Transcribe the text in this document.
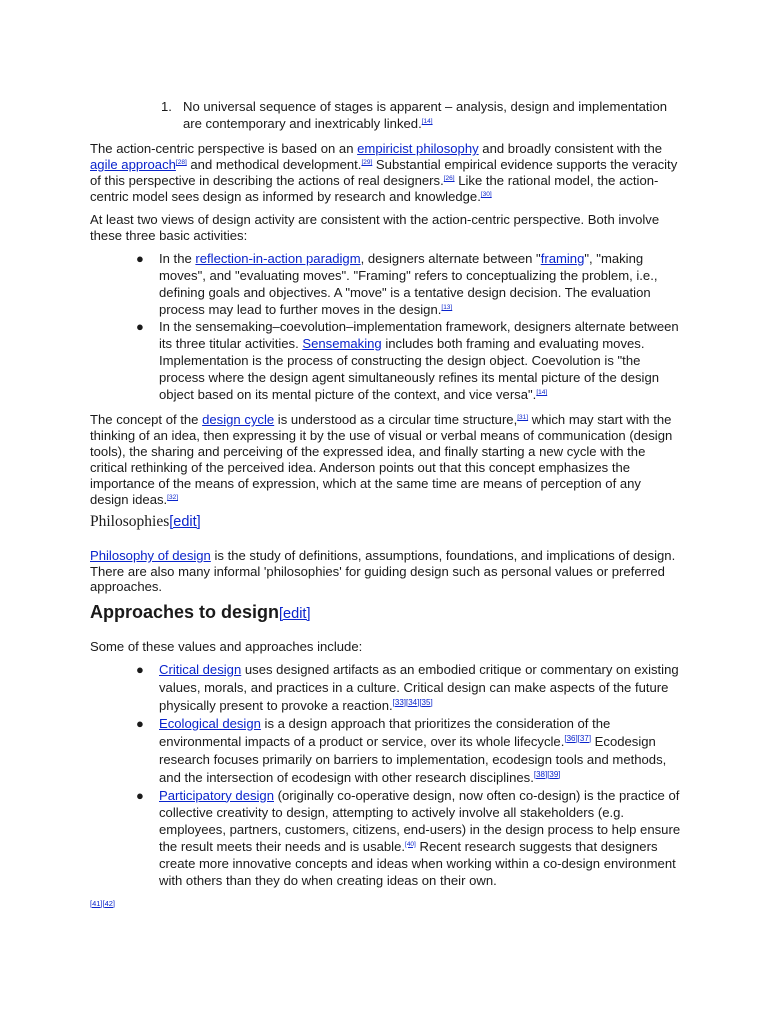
1. No universal sequence of stages is apparent – analysis, design and implementation are contemporary and inextricably linked.[14]

The action-centric perspective is based on an empiricist philosophy and broadly consistent with the agile approach[28] and methodical development.[29] Substantial empirical evidence supports the veracity of this perspective in describing the actions of real designers.[26] Like the rational model, the action-centric model sees design as informed by research and knowledge.[30]

At least two views of design activity are consistent with the action-centric perspective. Both involve these three basic activities:

● In the reflection-in-action paradigm, designers alternate between "framing", "making moves", and "evaluating moves". "Framing" refers to conceptualizing the problem, i.e., defining goals and objectives. A "move" is a tentative design decision. The evaluation process may lead to further moves in the design.[13]
● In the sensemaking–coevolution–implementation framework, designers alternate between its three titular activities. Sensemaking includes both framing and evaluating moves. Implementation is the process of constructing the design object. Coevolution is "the process where the design agent simultaneously refines its mental picture of the design object based on its mental picture of the context, and vice versa".[14]

The concept of the design cycle is understood as a circular time structure,[31] which may start with the thinking of an idea, then expressing it by the use of visual or verbal means of communication (design tools), the sharing and perceiving of the expressed idea, and finally starting a new cycle with the critical rethinking of the perceived idea. Anderson points out that this concept emphasizes the importance of the means of expression, which at the same time are means of perception of any design ideas.[32]

Philosophies[edit]

Philosophy of design is the study of definitions, assumptions, foundations, and implications of design. There are also many informal 'philosophies' for guiding design such as personal values or preferred approaches.

Approaches to design[edit]

Some of these values and approaches include:

● Critical design uses designed artifacts as an embodied critique or commentary on existing values, morals, and practices in a culture. Critical design can make aspects of the future physically present to provoke a reaction.[33][34][35]
● Ecological design is a design approach that prioritizes the consideration of the environmental impacts of a product or service, over its whole lifecycle.[36][37] Ecodesign research focuses primarily on barriers to implementation, ecodesign tools and methods, and the intersection of ecodesign with other research disciplines.[38][39]
● Participatory design (originally co-operative design, now often co-design) is the practice of collective creativity to design, attempting to actively involve all stakeholders (e.g. employees, partners, customers, citizens, end-users) in the design process to help ensure the result meets their needs and is usable.[40] Recent research suggests that designers create more innovative concepts and ideas when working within a co-design environment with others than they do when creating ideas on their own.
[41][42]
